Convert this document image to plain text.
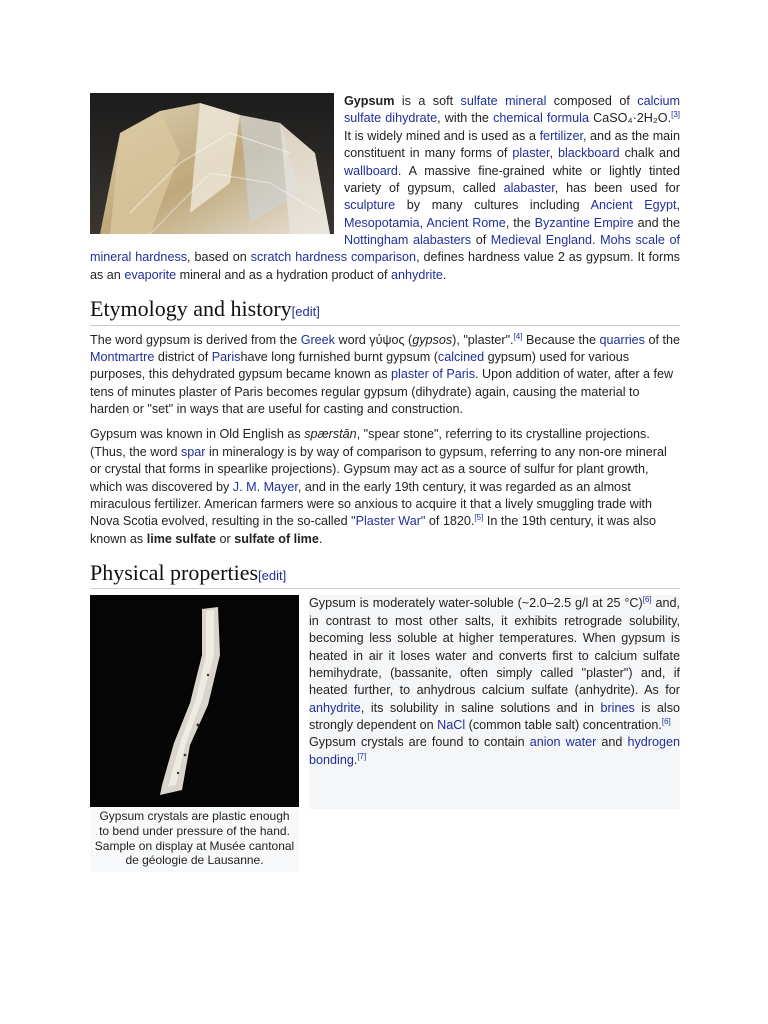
Gypsum is a soft sulfate mineral composed of calcium sulfate dihydrate, with the chemical formula CaSO₄·2H₂O.[3] It is widely mined and is used as a fertilizer, and as the main constituent in many forms of plaster, blackboard chalk and wallboard. A massive fine-grained white or lightly tinted variety of gypsum, called alabaster, has been used for sculpture by many cultures including Ancient Egypt, Mesopotamia, Ancient Rome, the Byzantine Empire and the Nottingham alabasters of Medieval England. Mohs scale of mineral hardness, based on scratch hardness comparison, defines hardness value 2 as gypsum. It forms as an evaporite mineral and as a hydration product of anhydrite.
Etymology and history[edit]

The word gypsum is derived from the Greek word γύψος (gypsos), "plaster".[4] Because the quarries of the Montmartre district of Parishave long furnished burnt gypsum (calcined gypsum) used for various purposes, this dehydrated gypsum became known as plaster of Paris. Upon addition of water, after a few tens of minutes plaster of Paris becomes regular gypsum (dihydrate) again, causing the material to harden or "set" in ways that are useful for casting and construction.

Gypsum was known in Old English as spærstān, "spear stone", referring to its crystalline projections. (Thus, the word spar in mineralogy is by way of comparison to gypsum, referring to any non-ore mineral or crystal that forms in spearlike projections). Gypsum may act as a source of sulfur for plant growth, which was discovered by J. M. Mayer, and in the early 19th century, it was regarded as an almost miraculous fertilizer. American farmers were so anxious to acquire it that a lively smuggling trade with Nova Scotia evolved, resulting in the so-called "Plaster War" of 1820.[5] In the 19th century, it was also known as lime sulfate or sulfate of lime.

Physical properties[edit]
Gypsum crystals are plastic enough to bend under pressure of the hand. Sample on display at Musée cantonal de géologie de Lausanne.

Gypsum is moderately water-soluble (~2.0–2.5 g/l at 25 °C)[6] and, in contrast to most other salts, it exhibits retrograde solubility, becoming less soluble at higher temperatures. When gypsum is heated in air it loses water and converts first to calcium sulfate hemihydrate, (bassanite, often simply called "plaster") and, if heated further, to anhydrous calcium sulfate (anhydrite). As for anhydrite, its solubility in saline solutions and in brines is also strongly dependent on NaCl (common table salt) concentration.[6]

Gypsum crystals are found to contain anion water and hydrogen bonding.[7]
